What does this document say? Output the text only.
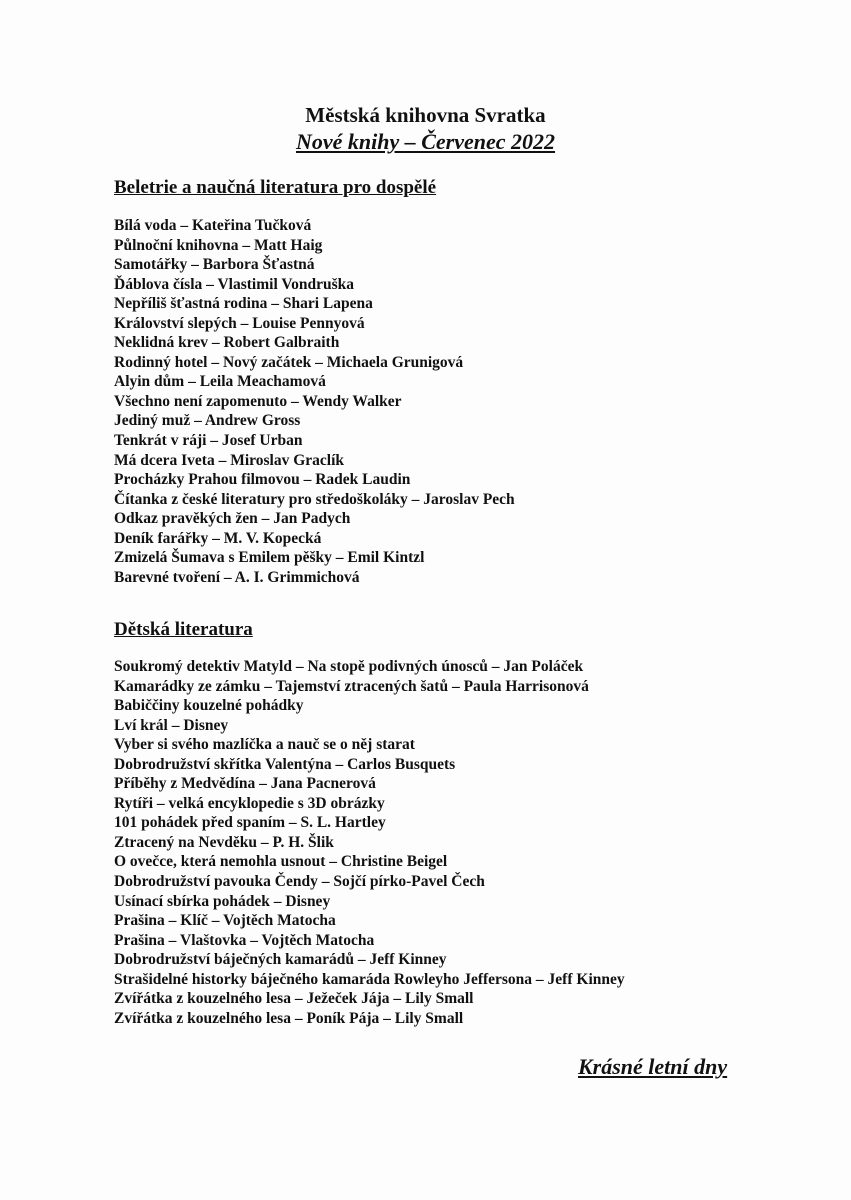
Městská knihovna Svratka
Nové knihy – Červenec 2022
Beletrie a naučná literatura pro dospělé
Bílá voda – Kateřina Tučková
Půlnoční knihovna – Matt Haig
Samotářky – Barbora Šťastná
Ďáblova čísla – Vlastimil Vondruška
Nepříliš šťastná rodina – Shari Lapena
Království slepých – Louise Pennyová
Neklidná krev – Robert Galbraith
Rodinný hotel – Nový začátek – Michaela Grunigová
Alyin dům – Leila Meachamová
Všechno není zapomenuto – Wendy Walker
Jediný muž – Andrew Gross
Tenkrát v ráji – Josef Urban
Má dcera Iveta – Miroslav Graclík
Procházky Prahou filmovou – Radek Laudin
Čítanka z české literatury pro středoškoláky – Jaroslav Pech
Odkaz pravěkých žen – Jan Padych
Deník farářky – M. V. Kopecká
Zmizelá Šumava s Emilem pěšky – Emil Kintzl
Barevné tvoření – A. I. Grimmichová
Dětská literatura
Soukromý detektiv Matyld – Na stopě podivných únosců – Jan Poláček
Kamarádky ze zámku – Tajemství ztracených šatů – Paula Harrisonová
Babiččiny kouzelné pohádky
Lví král – Disney
Vyber si svého mazlíčka a nauč se o něj starat
Dobrodružství skřítka Valentýna – Carlos Busquets
Příběhy z Medvědína – Jana Pacnerová
Rytíři – velká encyklopedie s 3D obrázky
101 pohádek před spaním – S. L. Hartley
Ztracený na Nevděku – P. H. Šlik
O ovečce, která nemohla usnout – Christine Beigel
Dobrodružství pavouka Čendy – Sojčí pírko-Pavel Čech
Usínací sbírka pohádek – Disney
Prašina – Klíč – Vojtěch Matocha
Prašina – Vlaštovka – Vojtěch Matocha
Dobrodružství báječných kamarádů – Jeff Kinney
Strašidelné historky báječného kamaráda Rowleyho Jeffersona – Jeff Kinney
Zvířátka z kouzelného lesa – Ježeček Jája – Lily Small
Zvířátka z kouzelného lesa – Poník Pája – Lily Small
Krásné letní dny
